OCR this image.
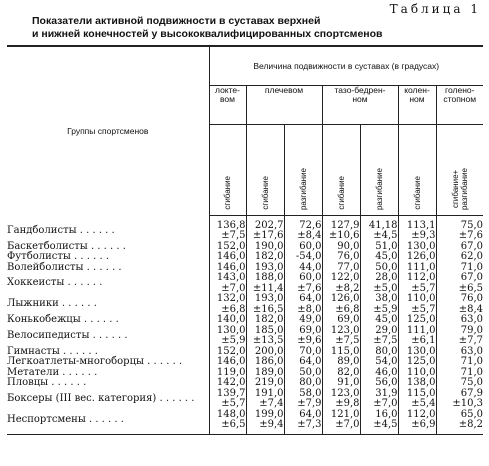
Таблица 1
Показатели активной подвижности в суставах верхней
и нижней конечностей у высококвалифицированных спортсменов
Группы спортсменов	Величина подвижности в суставах (в градусах)						
	локте-
вом	плечевом		тазо-бедрен-
ном		колен-
ном	голено-
стопном

	сгибание	сгибание	разгибание	сгибание	разгибание	сгибание	сгибание+
разгибание

Гандболисты . . . . . .	136,8	202,7	72,6	127,9	41,18	113,1	75,0
	±7,5	±17,6	±8,4	±10,6	±4,5	±9,3	±7,6
Баскетболисты . . . . . .	152,0	190,0	60,0	90,0	51,0	130,0	67,0
Футболисты . . . . . .	146,0	182,0	-54,0	76,0	45,0	126,0	62,0
Волейболисты . . . . . .	146,0	193,0	44,0	77,0	50,0	111,0	71,0
Хоккеисты . . . . . .	143,0	188,0	60,0	122,0	28,0	112,0	67,0
	±7,0	±11,4	±7,6	±8,2	±5,0	±5,7	±6,5
Лыжники . . . . . .	132,0	193,0	64,0	126,0	38,0	110,0	76,0
	±6,8	±16,5	±8,0	±6,8	±5,9	±5,7	±8,4
Конькобежцы . . . . . .	140,0	182,0	49,0	69,0	45,0	125,0	63,0
Велосипедисты . . . . . .	130,0	185,0	69,0	123,0	29,0	111,0	79,0
	±5,9	±13,5	±9,6	±7,5	±7,5	±6,1	±7,7
Гимнасты . . . . . .	152,0	200,0	70,0	115,0	80,0	130,0	63,0
Легкоатлеты-многоборцы . . . . . .	146,0	186,0	64,0	89,0	54,0	125,0	71,0
Метатели . . . . . .	119,0	189,0	50,0	82,0	46,0	110,0	71,0
Пловцы . . . . . .	142,0	219,0	80,0	91,0	56,0	138,0	75,0
Боксеры (III вес. категория) . . . . . .	139,7	191,0	58,0	123,0	31,9	115,0	67,9
	±5,7	±7,4	±7,9	±9,8	±7,0	±5,4	±10,3
Неспортсмены . . . . . .	148,0	199,0	64,0	121,0	16,0	112,0	65,0
	±6,5	±9,4	±7,3	±7,0	±4,5	±6,9	±8,2
